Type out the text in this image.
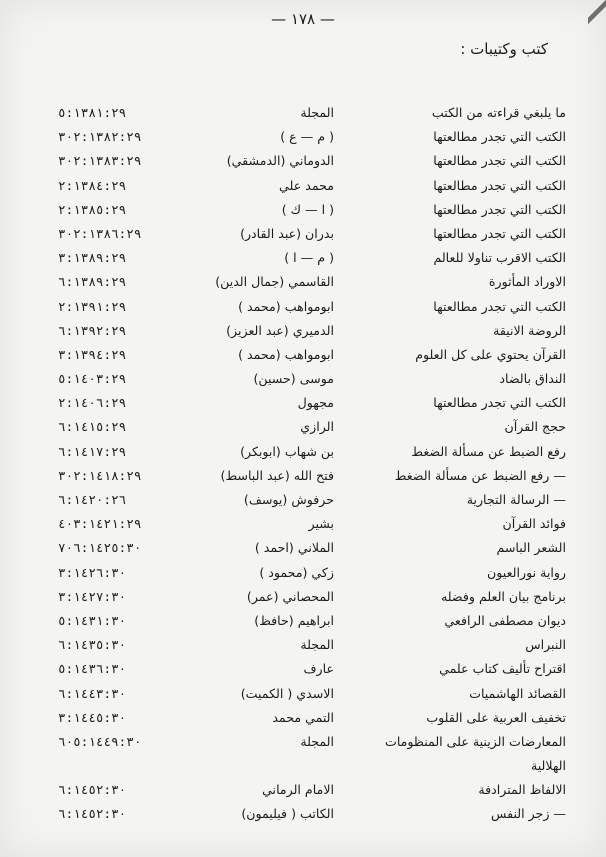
— ١٧٨ —
كتب وكتيبات :
ما يلبغي قراءته من الكتب
المجلة
٥:١٣٨١:٢٩
الكتب التي تجدر مطالعتها
( م — ع )
٣٠٢:١٣٨٢:٢٩
الكتب التي تجدر مطالعتها
الدوماني (الدمشقي)
٣٠٢:١٣٨٣:٢٩
الكتب التي تجدر مطالعتها
محمد علي
٢:١٣٨٤:٢٩
الكتب التي تجدر مطالعتها
( ا — ك )
٢:١٣٨٥:٢٩
الكتب التي تجدر مطالعتها
بدران (عبد القادر)
٣٠٢:١٣٨٦:٢٩
الكتب الاقرب تناولا للعالم
( م — ا )
٣:١٣٨٩:٢٩
الاوراد المأثورة
القاسمي (جمال الدين)
٦:١٣٨٩:٢٩
الكتب التي تجدر مطالعتها
ابومواهب (محمد )
٢:١٣٩١:٢٩
الروضة الانيقة
الدميري (عبد العزيز)
٦:١٣٩٢:٢٩
القرآن يحتوي على كل العلوم
ابومواهب (محمد )
٣:١٣٩٤:٢٩
النداق بالضاد
موسى (حسين)
٥:١٤٠٣:٢٩
الكتب التي تجدر مطالعتها
مجهول
٢:١٤٠٦:٢٩
حجج القرآن
الرازي
٦:١٤١٥:٢٩
رفع الضبط عن مسألة الضغط
بن شهاب (ابوبكر)
٦:١٤١٧:٢٩
— رفع الضبط عن مسألة الضغط
فتح الله (عبد الباسط)
٣٠٢:١٤١٨:٢٩
— الرسالة التجارية
حرفوش (يوسف)
٦:١٤٢٠:٢٦
فوائد القرآن
بشير
٤٠٣:١٤٢١:٢٩
الشعر الباسم
الملاني (احمد )
٧٠٦:١٤٢٥:٣٠
رواية نورالعيون
زكي (محمود )
٣:١٤٢٦:٣٠
برنامج بيان العلم وفضله
المحصاني (عمر)
٣:١٤٢٧:٣٠
ديوان مصطفى الرافعي
ابراهيم (حافظ)
٥:١٤٣١:٣٠
النبراس
المجلة
٦:١٤٣٥:٣٠
اقتراح تأليف كتاب علمي
عارف
٥:١٤٣٦:٣٠
القصائد الهاشميات
الاسدي ( الكميت)
٦:١٤٤٣:٣٠
تخفيف العربية على القلوب
التمي محمد
٣:١٤٤٥:٣٠
المعارضات الزينية على المنظومات
المجلة
٦٠٥:١٤٤٩:٣٠
الهلالية
الالفاظ المترادفة
الامام الرماني
٦:١٤٥٢:٣٠
— زجر النفس
الكاتب ( فيليمون)
٦:١٤٥٢:٣٠
